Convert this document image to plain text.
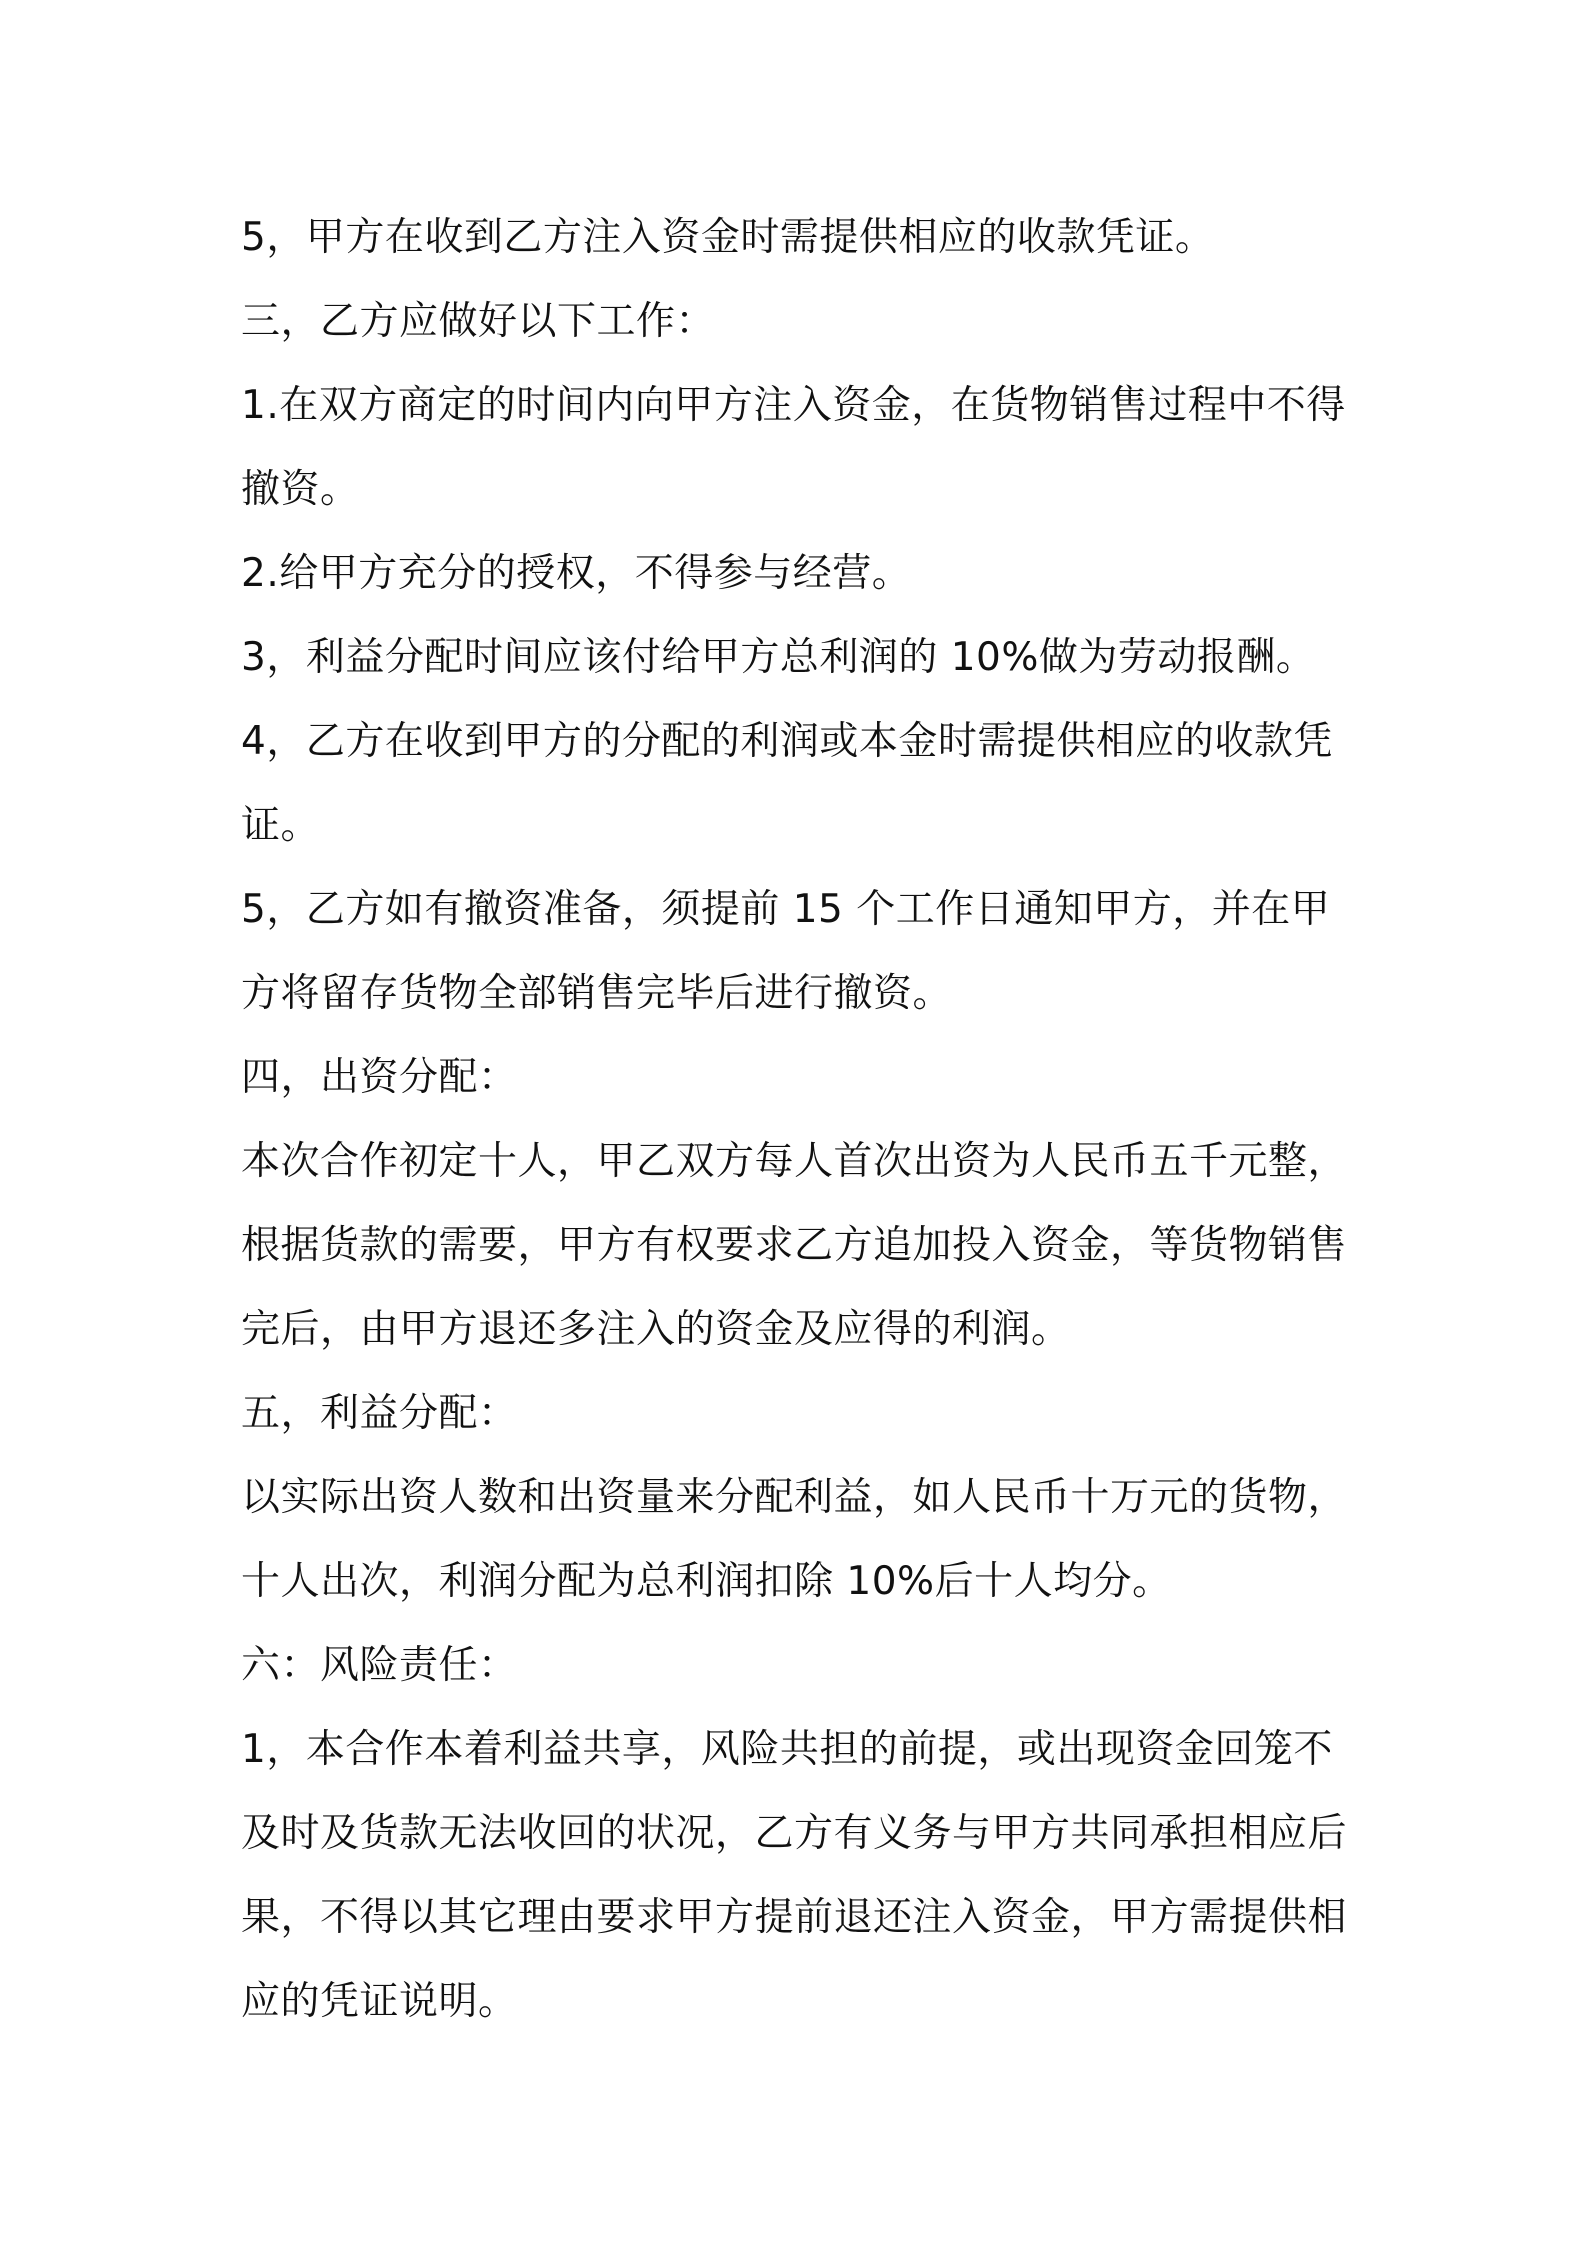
5，甲方在收到乙方注入资金时需提供相应的收款凭证。
三，乙方应做好以下工作：
1.在双方商定的时间内向甲方注入资金，在货物销售过程中不得
撤资。
2.给甲方充分的授权，不得参与经营。
3，利益分配时间应该付给甲方总利润的 10%做为劳动报酬。
4，乙方在收到甲方的分配的利润或本金时需提供相应的收款凭
证。
5，乙方如有撤资准备，须提前 15 个工作日通知甲方，并在甲
方将留存货物全部销售完毕后进行撤资。
四，出资分配：
本次合作初定十人，甲乙双方每人首次出资为人民币五千元整，
根据货款的需要，甲方有权要求乙方追加投入资金，等货物销售
完后，由甲方退还多注入的资金及应得的利润。
五，利益分配：
以实际出资人数和出资量来分配利益，如人民币十万元的货物，
十人出次，利润分配为总利润扣除 10%后十人均分。
六：风险责任：
1，本合作本着利益共享，风险共担的前提，或出现资金回笼不
及时及货款无法收回的状况，乙方有义务与甲方共同承担相应后
果，不得以其它理由要求甲方提前退还注入资金，甲方需提供相
应的凭证说明。
